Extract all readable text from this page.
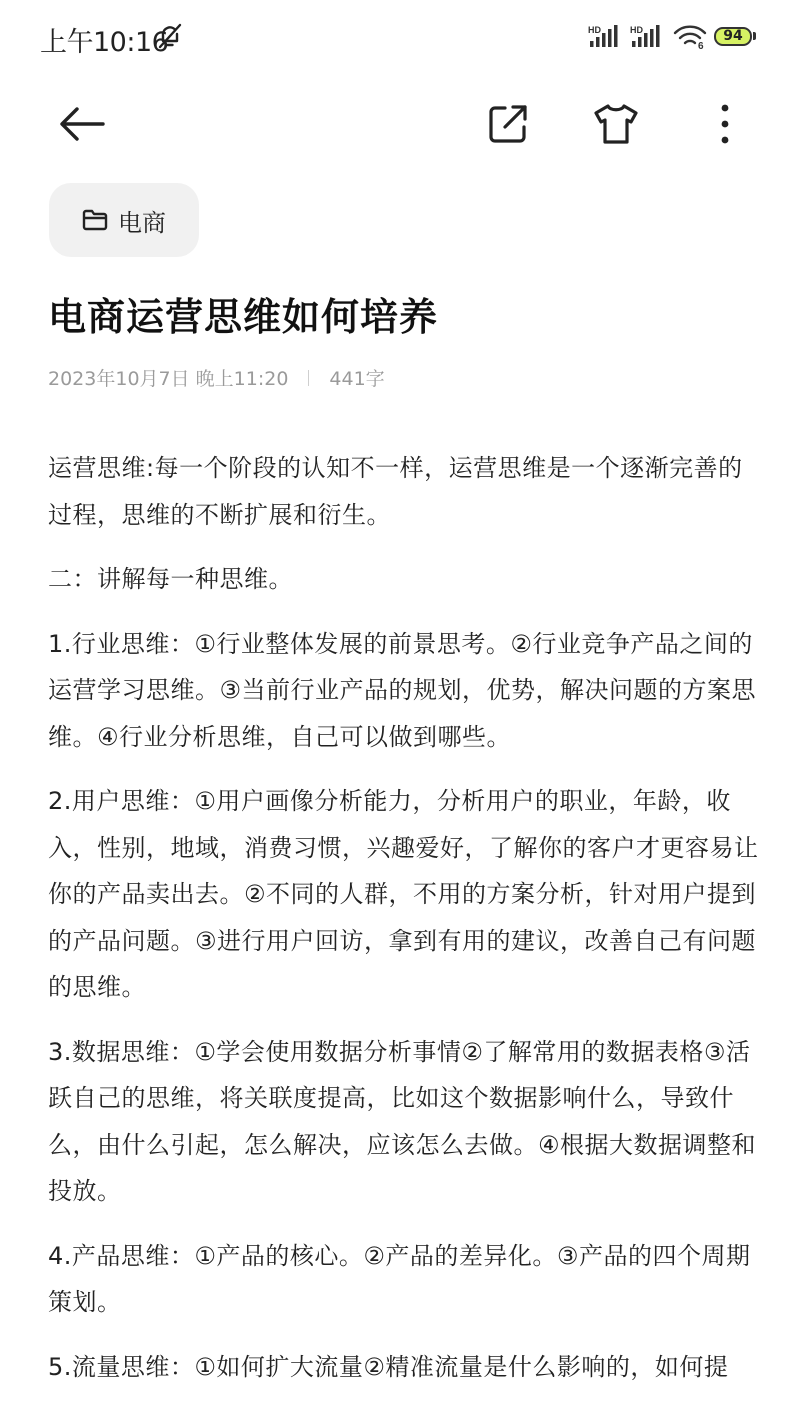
上午10:16	HD	HD
6
94
电商
电商运营思维如何培养
2023年10月7日 晚上11:20 441字

运营思维:每一个阶段的认知不一样，运营思维是一个逐渐完善的过程，思维的不断扩展和衍生。

二：讲解每一种思维。

1.行业思维：①行业整体发展的前景思考。②行业竞争产品之间的运营学习思维。③当前行业产品的规划，优势，解决问题的方案思维。④行业分析思维，自己可以做到哪些。

2.用户思维：①用户画像分析能力，分析用户的职业，年龄，收入，性别，地域，消费习惯，兴趣爱好，了解你的客户才更容易让你的产品卖出去。②不同的人群，不用的方案分析，针对用户提到的产品问题。③进行用户回访，拿到有用的建议，改善自己有问题的思维。

3.数据思维：①学会使用数据分析事情②了解常用的数据表格③活跃自己的思维，将关联度提高，比如这个数据影响什么，导致什么，由什么引起，怎么解决，应该怎么去做。④根据大数据调整和投放。

4.产品思维：①产品的核心。②产品的差异化。③产品的四个周期策划。

5.流量思维：①如何扩大流量②精准流量是什么影响的，如何提
